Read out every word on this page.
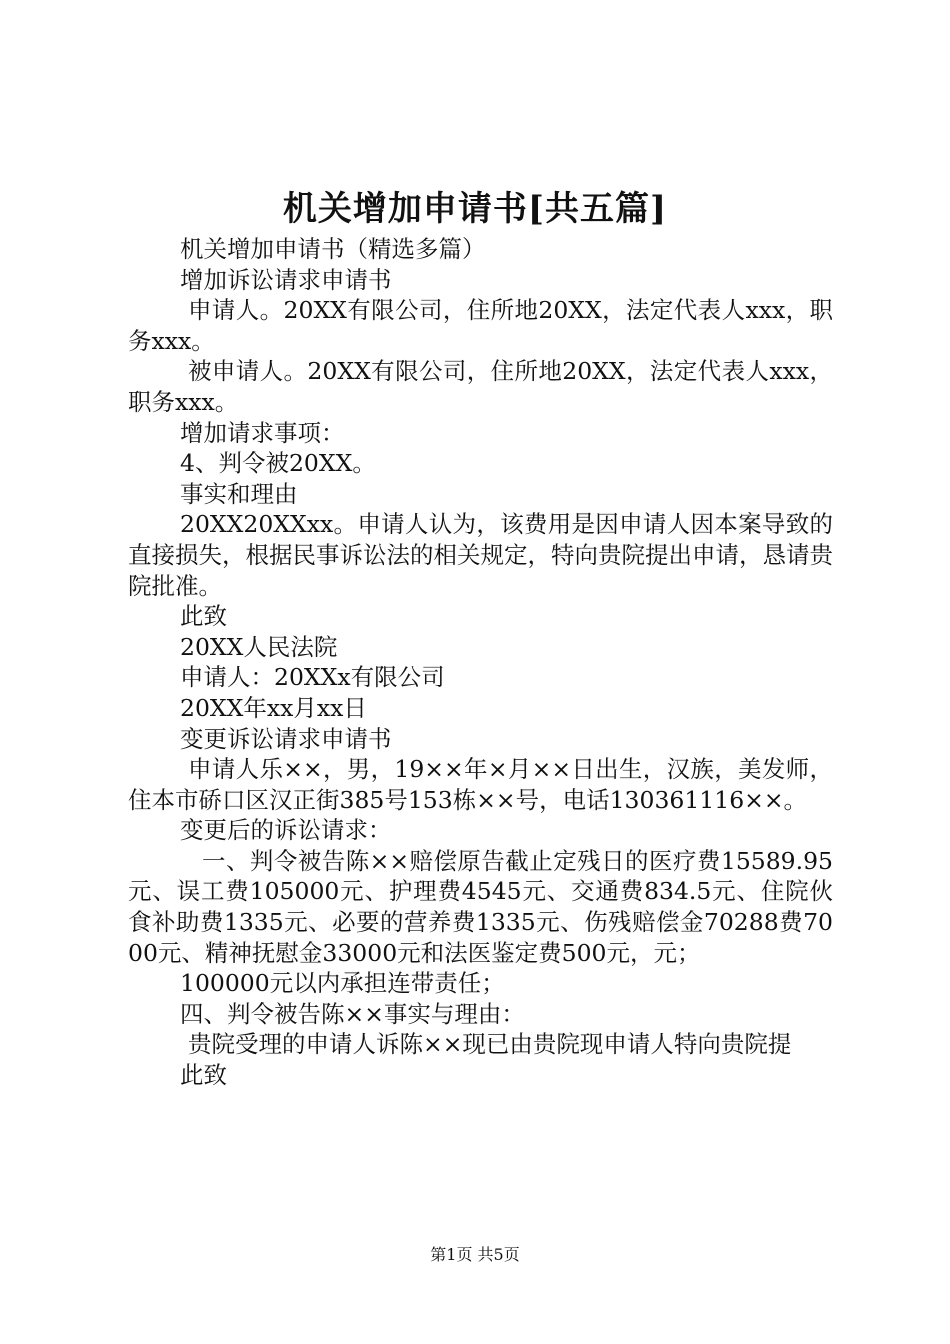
机关增加申请书[共五篇]

机关增加申请书（精选多篇）

增加诉讼请求申请书

申请人。20XX有限公司，住所地20XX，法定代表人xxx，职务xxx。

被申请人。20XX有限公司，住所地20XX，法定代表人xxx，职务xxx。

增加请求事项：

4、判令被20XX。

事实和理由

20XX20XXxx。申请人认为，该费用是因申请人因本案导致的直接损失，根据民事诉讼法的相关规定，特向贵院提出申请，恳请贵院批准。

此致

20XX人民法院

申请人：20XXx有限公司

20XX年xx月xx日

变更诉讼请求申请书

申请人乐××，男，19××年×月××日出生，汉族，美发师，住本市硚口区汉正街385号153栋××号，电话130361116××。

变更后的诉讼请求：

一、判令被告陈××赔偿原告截止定残日的医疗费15589.95元、误工费105000元、护理费4545元、交通费834.5元、住院伙食补助费1335元、必要的营养费1335元、伤残赔偿金70288费7000元、精神抚慰金33000元和法医鉴定费500元，元；

100000元以内承担连带责任；

四、判令被告陈××事实与理由：

贵院受理的申请人诉陈××现已由贵院现申请人特向贵院提

此致

第1页 共5页
